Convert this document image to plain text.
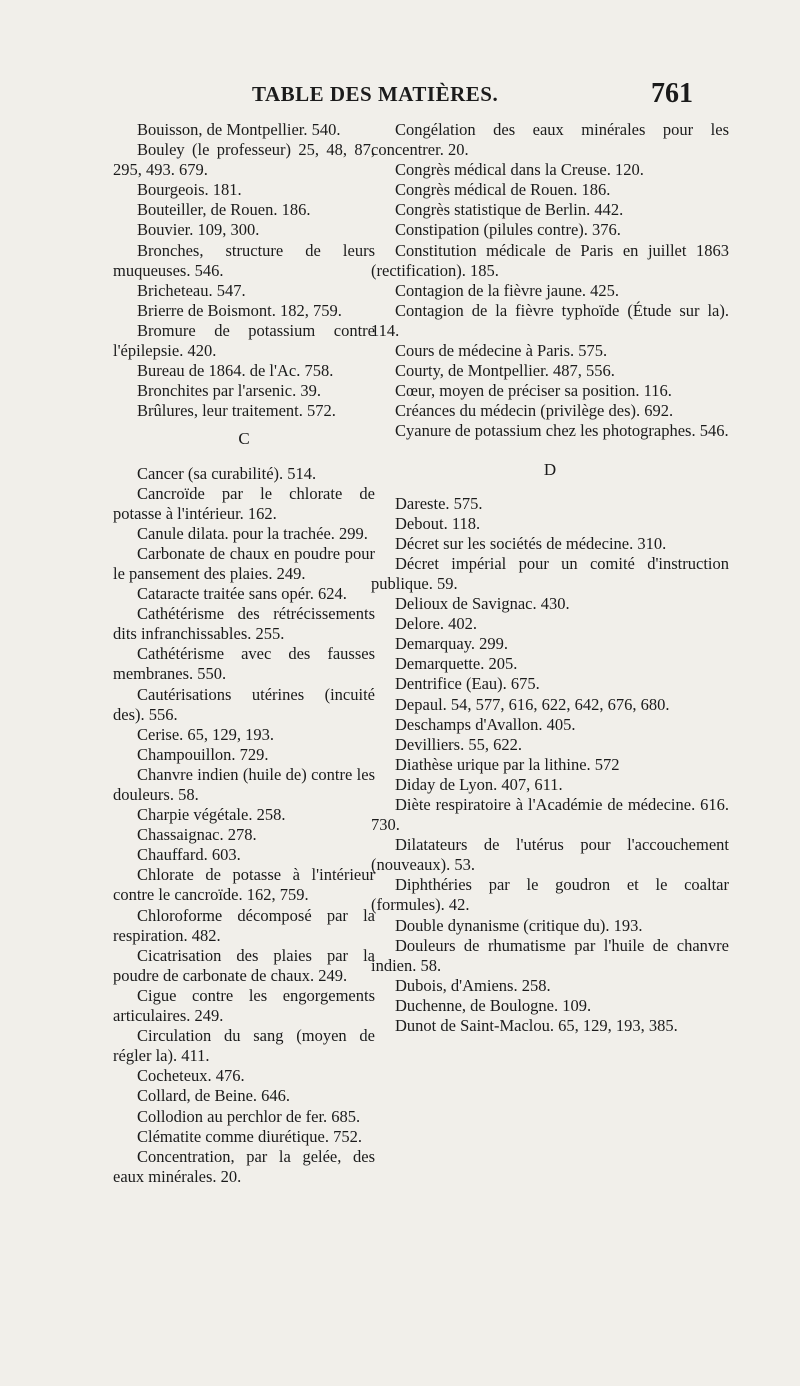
TABLE DES MATIÈRES.	761

Bouisson, de Montpellier. 540.

Bouley (le professeur) 25, 48, 87, 295, 493. 679.

Bourgeois. 181.

Bouteiller, de Rouen. 186.

Bouvier. 109, 300.

Bronches, structure de leurs muqueuses. 546.

Bricheteau. 547.

Brierre de Boismont. 182, 759.

Bromure de potassium contre l'épilepsie. 420.

Bureau de 1864. de l'Ac. 758.

Bronchites par l'arsenic. 39.

Brûlures, leur traitement. 572.

C

Cancer (sa curabilité). 514.

Cancroïde par le chlorate de potasse à l'intérieur. 162.

Canule dilata. pour la trachée. 299.

Carbonate de chaux en poudre pour le pansement des plaies. 249.

Cataracte traitée sans opér. 624.

Cathétérisme des rétrécissements dits infranchissables. 255.

Cathétérisme avec des fausses membranes. 550.

Cautérisations utérines (incuité des). 556.

Cerise. 65, 129, 193.

Champouillon. 729.

Chanvre indien (huile de) contre les douleurs. 58.

Charpie végétale. 258.

Chassaignac. 278.

Chauffard. 603.

Chlorate de potasse à l'intérieur contre le cancroïde. 162, 759.

Chloroforme décomposé par la respiration. 482.

Cicatrisation des plaies par la poudre de carbonate de chaux. 249.

Cigue contre les engorgements articulaires. 249.

Circulation du sang (moyen de régler la). 411.

Cocheteux. 476.

Collard, de Beine. 646.

Collodion au perchlor de fer. 685.

Clématite comme diurétique. 752.

Concentration, par la gelée, des eaux minérales. 20.

Congélation des eaux minérales pour les concentrer. 20.

Congrès médical dans la Creuse. 120.

Congrès médical de Rouen. 186.

Congrès statistique de Berlin. 442.

Constipation (pilules contre). 376.

Constitution médicale de Paris en juillet 1863 (rectification). 185.

Contagion de la fièvre jaune. 425.

Contagion de la fièvre typhoïde (Étude sur la). 114.

Cours de médecine à Paris. 575.

Courty, de Montpellier. 487, 556.

Cœur, moyen de préciser sa position. 116.

Créances du médecin (privilège des). 692.

Cyanure de potassium chez les photographes. 546.

D

Dareste. 575.

Debout. 118.

Décret sur les sociétés de médecine. 310.

Décret impérial pour un comité d'instruction publique. 59.

Delioux de Savignac. 430.

Delore. 402.

Demarquay. 299.

Demarquette. 205.

Dentrifice (Eau). 675.

Depaul. 54, 577, 616, 622, 642, 676, 680.

Deschamps d'Avallon. 405.

Devilliers. 55, 622.

Diathèse urique par la lithine. 572

Diday de Lyon. 407, 611.

Diète respiratoire à l'Académie de médecine. 616. 730.

Dilatateurs de l'utérus pour l'accouchement (nouveaux). 53.

Diphthéries par le goudron et le coaltar (formules). 42.

Double dynanisme (critique du). 193.

Douleurs de rhumatisme par l'huile de chanvre indien. 58.

Dubois, d'Amiens. 258.

Duchenne, de Boulogne. 109.

Dunot de Saint-Maclou. 65, 129, 193, 385.
